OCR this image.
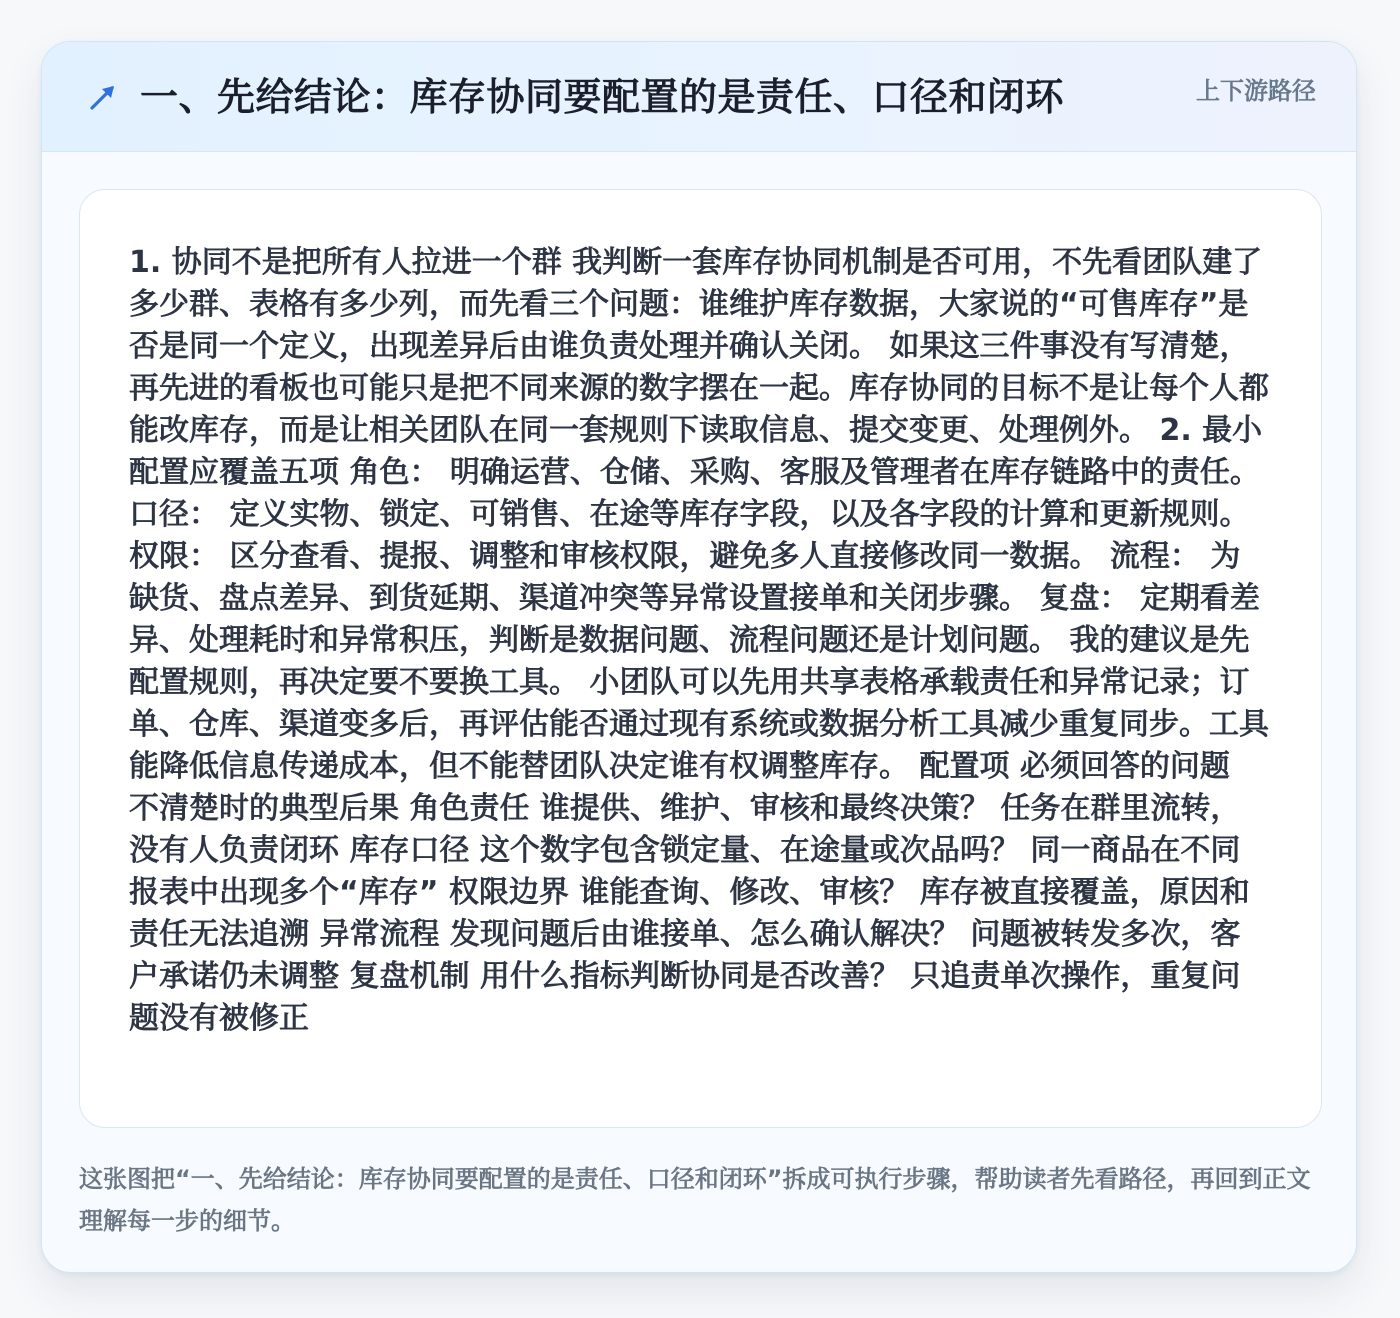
一、先给结论：库存协同要配置的是责任、口径和闭环	上下游路径

1. 协同不是把所有人拉进一个群 我判断一套库存协同机制是否可用，不先看团队建了多少群、表格有多少列，而先看三个问题：谁维护库存数据，大家说的“可售库存”是否是同一个定义，出现差异后由谁负责处理并确认关闭。 如果这三件事没有写清楚，再先进的看板也可能只是把不同来源的数字摆在一起。库存协同的目标不是让每个人都能改库存，而是让相关团队在同一套规则下读取信息、提交变更、处理例外。 2. 最小配置应覆盖五项 角色： 明确运营、仓储、采购、客服及管理者在库存链路中的责任。 口径： 定义实物、锁定、可销售、在途等库存字段，以及各字段的计算和更新规则。 权限： 区分查看、提报、调整和审核权限，避免多人直接修改同一数据。 流程： 为缺货、盘点差异、到货延期、渠道冲突等异常设置接单和关闭步骤。 复盘： 定期看差异、处理耗时和异常积压，判断是数据问题、流程问题还是计划问题。 我的建议是先配置规则，再决定要不要换工具。 小团队可以先用共享表格承载责任和异常记录；订单、仓库、渠道变多后，再评估能否通过现有系统或数据分析工具减少重复同步。工具能降低信息传递成本，但不能替团队决定谁有权调整库存。 配置项 必须回答的问题 不清楚时的典型后果 角色责任 谁提供、维护、审核和最终决策？ 任务在群里流转，没有人负责闭环 库存口径 这个数字包含锁定量、在途量或次品吗？ 同一商品在不同报表中出现多个“库存” 权限边界 谁能查询、修改、审核？ 库存被直接覆盖，原因和责任无法追溯 异常流程 发现问题后由谁接单、怎么确认解决？ 问题被转发多次，客户承诺仍未调整 复盘机制 用什么指标判断协同是否改善？ 只追责单次操作，重复问题没有被修正

这张图把“一、先给结论：库存协同要配置的是责任、口径和闭环”拆成可执行步骤，帮助读者先看路径，再回到正文理解每一步的细节。
